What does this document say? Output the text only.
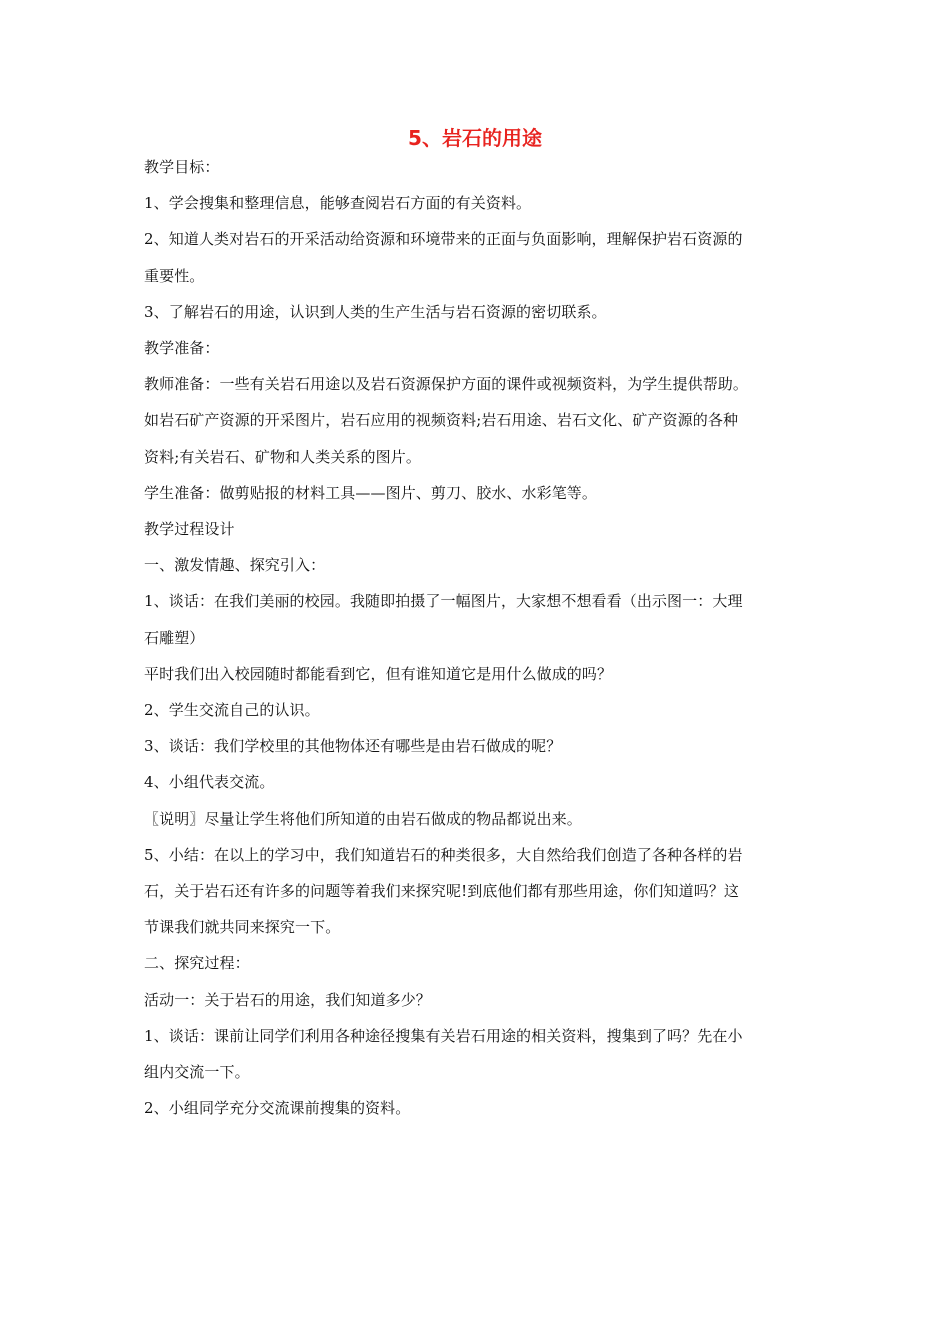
5、岩石的用途

教学目标：

1、学会搜集和整理信息，能够查阅岩石方面的有关资料。

2、知道人类对岩石的开采活动给资源和环境带来的正面与负面影响，理解保护岩石资源的

重要性。

3、了解岩石的用途，认识到人类的生产生活与岩石资源的密切联系。

教学准备：

教师准备：一些有关岩石用途以及岩石资源保护方面的课件或视频资料，为学生提供帮助。

如岩石矿产资源的开采图片，岩石应用的视频资料;岩石用途、岩石文化、矿产资源的各种

资料;有关岩石、矿物和人类关系的图片。

学生准备：做剪贴报的材料工具——图片、剪刀、胶水、水彩笔等。

教学过程设计

一、激发情趣、探究引入：

1、谈话：在我们美丽的校园。我随即拍摄了一幅图片，大家想不想看看（出示图一：大理

石雕塑）

平时我们出入校园随时都能看到它，但有谁知道它是用什么做成的吗？

2、学生交流自己的认识。

3、谈话：我们学校里的其他物体还有哪些是由岩石做成的呢？

4、小组代表交流。

〖说明〗尽量让学生将他们所知道的由岩石做成的物品都说出来。

5、小结：在以上的学习中，我们知道岩石的种类很多，大自然给我们创造了各种各样的岩

石，关于岩石还有许多的问题等着我们来探究呢!到底他们都有那些用途，你们知道吗？这

节课我们就共同来探究一下。

二、探究过程：

活动一：关于岩石的用途，我们知道多少？

1、谈话：课前让同学们利用各种途径搜集有关岩石用途的相关资料，搜集到了吗？先在小

组内交流一下。

2、小组同学充分交流课前搜集的资料。
